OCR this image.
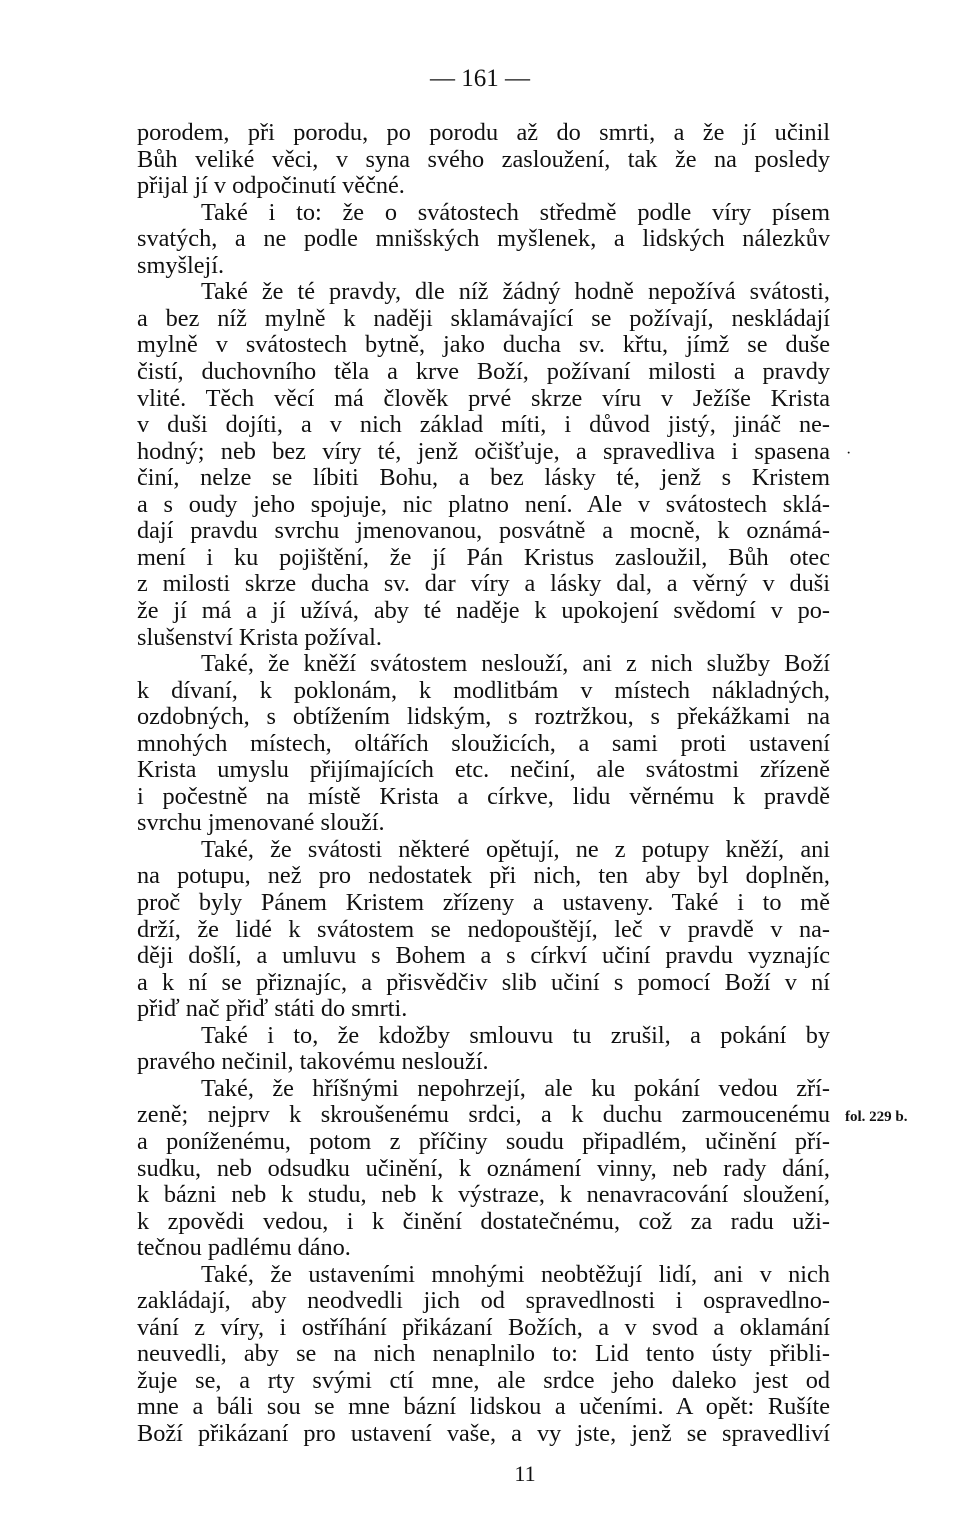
— 161 —
porodem, při porodu, po porodu až do smrti, a že jí učinil
Bůh veliké věci, v syna svého zasloužení, tak že na posledy
přijal jí v odpočinutí věčné.
Také i to: že o svátostech středmě podle víry písem
svatých, a ne podle mnišských myšlenek, a lidských nálezkův
smyšlejí.
Také že té pravdy, dle níž žádný hodně nepožívá svátosti,
a bez níž mylně k naději sklamávající se požívají, neskládají
mylně v svátostech bytně, jako ducha sv. křtu, jímž se duše
čistí, duchovního těla a krve Boží, požívaní milosti a pravdy
vlité. Těch věcí má člověk prvé skrze víru v Ježíše Krista
v duši dojíti, a v nich základ míti, i důvod jistý, jináč ne-
hodný; neb bez víry té, jenž očišťuje, a spravedliva i spasena
činí, nelze se líbiti Bohu, a bez lásky té, jenž s Kristem
a s oudy jeho spojuje, nic platno není. Ale v svátostech sklá-
dají pravdu svrchu jmenovanou, posvátně a mocně, k oznámá-
mení i ku pojištění, že jí Pán Kristus zasloužil, Bůh otec
z milosti skrze ducha sv. dar víry a lásky dal, a věrný v duši
že jí má a jí užívá, aby té naděje k upokojení svědomí v po-
slušenství Krista požíval.
Také, že kněží svátostem neslouží, ani z nich služby Boží
k dívaní, k poklonám, k modlitbám v místech nákladných,
ozdobných, s obtížením lidským, s roztržkou, s překážkami na
mnohých místech, oltářích sloužicích, a sami proti ustavení
Krista umyslu přijímajících etc. nečiní, ale svátostmi zřízeně
i počestně na místě Krista a církve, lidu věrnému k pravdě
svrchu jmenované slouží.
Také, že svátosti některé opětují, ne z potupy kněží, ani
na potupu, než pro nedostatek při nich, ten aby byl doplněn,
proč byly Pánem Kristem zřízeny a ustaveny. Také i to mě
drží, že lidé k svátostem se nedopouštějí, leč v pravdě v na-
ději došlí, a umluvu s Bohem a s církví učiní pravdu vyznajíc
a k ní se přiznajíc, a přisvědčiv slib učiní s pomocí Boží v ní
přiď nač přiď státi do smrti.
Také i to, že kdožby smlouvu tu zrušil, a pokání by
pravého nečinil, takovému neslouží.
Také, že hříšnými nepohrzejí, ale ku pokání vedou zří-
zeně; nejprv k skroušenému srdci, a k duchu zarmoucenému
a poníženému, potom z příčiny soudu připadlém, učinění pří-
sudku, neb odsudku učinění, k oznámení vinny, neb rady dání,
k bázni neb k studu, neb k výstraze, k nenavracování sloužení,
k zpovědi vedou, i k činění dostatečnému, což za radu uži-
tečnou padlému dáno.
Také, že ustaveními mnohými neobtěžují lidí, ani v nich
zakládají, aby neodvedli jich od spravedlnosti i ospravedlno-
vání z víry, i ostříhání přikázaní Božích, a v svod a oklamání
neuvedli, aby se na nich nenaplnilo to: Lid tento ústy přibli-
žuje se, a rty svými ctí mne, ale srdce jeho daleko jest od
mne a báli sou se mne bázní lidskou a učeními. A opět: Rušíte
Boží přikázaní pro ustavení vaše, a vy jste, jenž se spravedliví
·
fol. 229 b.
11
